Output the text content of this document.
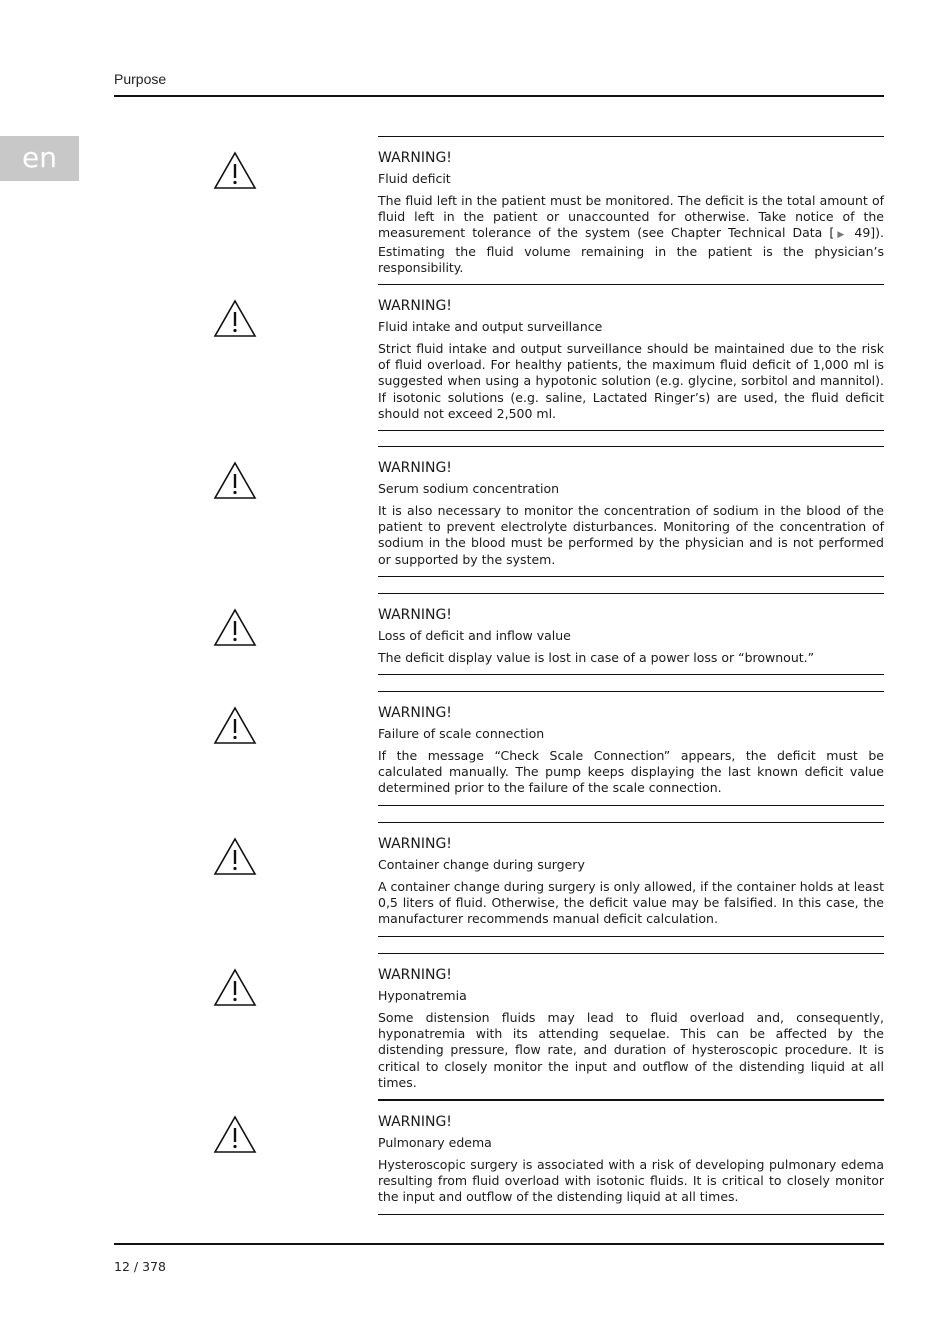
Purpose
en	WARNING!
Fluid deficit

The fluid left in the patient must be monitored. The deficit is the total amount of fluid left in the patient or unaccounted for otherwise. Take notice of the measurement tolerance of the system (see Chapter Technical Data [▶ 49]). Estimating the fluid volume remaining in the patient is the physician’s responsibility.

WARNING!
Fluid intake and output surveillance

Strict fluid intake and output surveillance should be maintained due to the risk of fluid overload. For healthy patients, the maximum fluid deficit of 1,000 ml is suggested when using a hypotonic solution (e.g. glycine, sorbitol and mannitol). If isotonic solutions (e.g. saline, Lactated Ringer’s) are used, the fluid deficit should not exceed 2,500 ml.

WARNING!
Serum sodium concentration

It is also necessary to monitor the concentration of sodium in the blood of the patient to prevent electrolyte disturbances. Monitoring of the concentration of sodium in the blood must be performed by the physician and is not performed or supported by the system.

WARNING!
Loss of deficit and inflow value

The deficit display value is lost in case of a power loss or “brownout.”

WARNING!
Failure of scale connection

If the message “Check Scale Connection” appears, the deficit must be calculated manually. The pump keeps displaying the last known deficit value determined prior to the failure of the scale connection.

WARNING!
Container change during surgery

A container change during surgery is only allowed, if the container holds at least 0,5 liters of fluid. Otherwise, the deficit value may be falsified. In this case, the manufacturer recommends manual deficit calculation.

WARNING!
Hyponatremia

Some distension fluids may lead to fluid overload and, consequently, hyponatremia with its attending sequelae. This can be affected by the distending pressure, flow rate, and duration of hysteroscopic procedure. It is critical to closely monitor the input and outflow of the distending liquid at all times.

WARNING!
Pulmonary edema

Hysteroscopic surgery is associated with a risk of developing pulmonary edema resulting from fluid overload with isotonic fluids. It is critical to closely monitor the input and outflow of the distending liquid at all times.

12 / 378
